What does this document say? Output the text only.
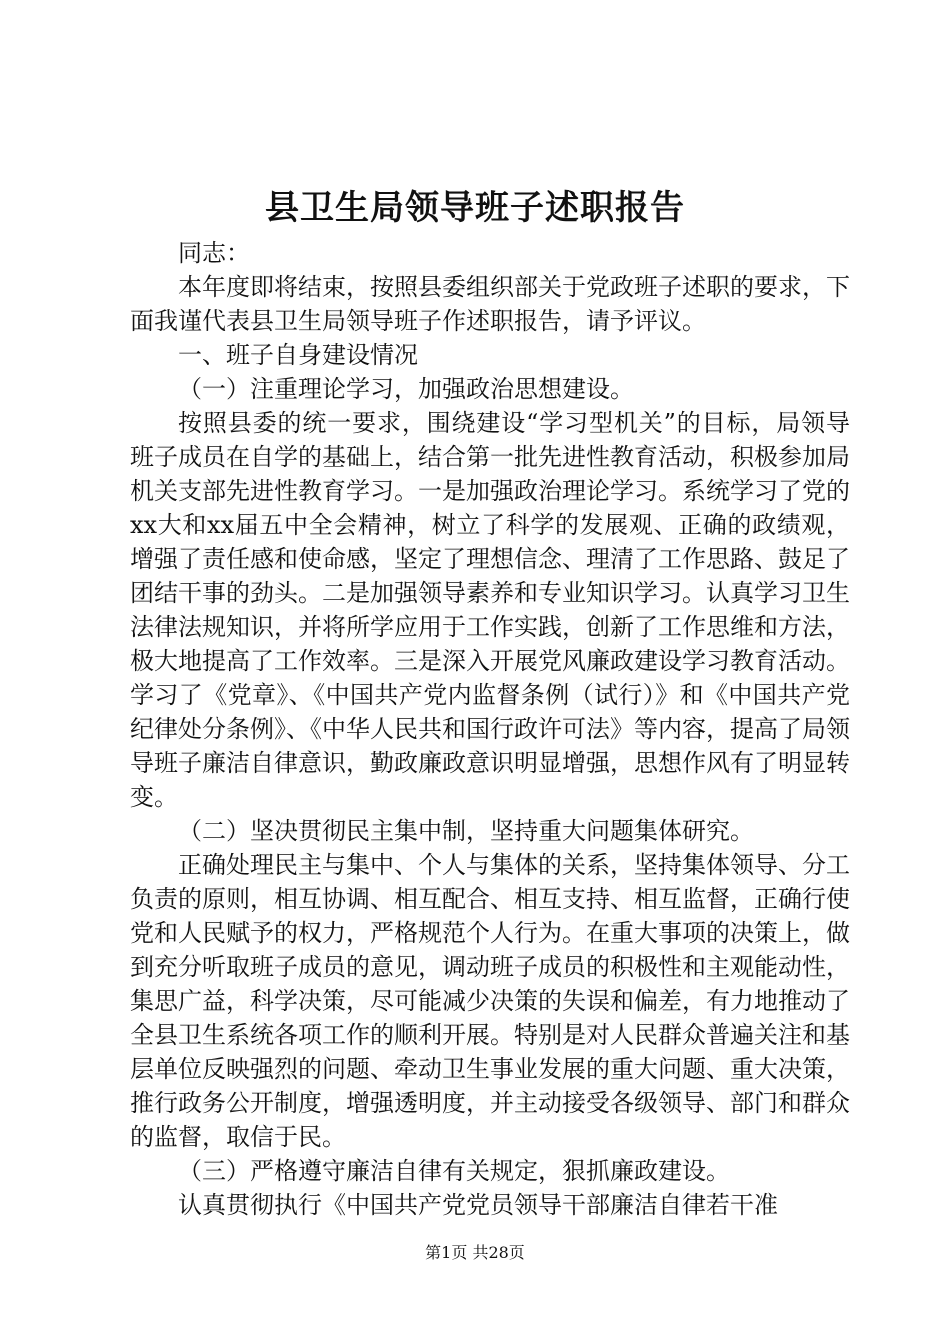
县卫生局领导班子述职报告

同志：

本年度即将结束，按照县委组织部关于党政班子述职的要求，下面我谨代表县卫生局领导班子作述职报告，请予评议。

一、班子自身建设情况

（一）注重理论学习，加强政治思想建设。

按照县委的统一要求，围绕建设“学习型机关”的目标，局领导班子成员在自学的基础上，结合第一批先进性教育活动，积极参加局机关支部先进性教育学习。一是加强政治理论学习。系统学习了党的xx大和xx届五中全会精神，树立了科学的发展观、正确的政绩观，增强了责任感和使命感，坚定了理想信念、理清了工作思路、鼓足了团结干事的劲头。二是加强领导素养和专业知识学习。认真学习卫生法律法规知识，并将所学应用于工作实践，创新了工作思维和方法，极大地提高了工作效率。三是深入开展党风廉政建设学习教育活动。学习了《党章》、《中国共产党内监督条例（试行）》和《中国共产党纪律处分条例》、《中华人民共和国行政许可法》等内容，提高了局领导班子廉洁自律意识，勤政廉政意识明显增强，思想作风有了明显转变。

（二）坚决贯彻民主集中制，坚持重大问题集体研究。

正确处理民主与集中、个人与集体的关系，坚持集体领导、分工负责的原则，相互协调、相互配合、相互支持、相互监督，正确行使党和人民赋予的权力，严格规范个人行为。在重大事项的决策上，做到充分听取班子成员的意见，调动班子成员的积极性和主观能动性，集思广益，科学决策，尽可能减少决策的失误和偏差，有力地推动了全县卫生系统各项工作的顺利开展。特别是对人民群众普遍关注和基层单位反映强烈的问题、牵动卫生事业发展的重大问题、重大决策，推行政务公开制度，增强透明度，并主动接受各级领导、部门和群众的监督，取信于民。

（三）严格遵守廉洁自律有关规定，狠抓廉政建设。

认真贯彻执行《中国共产党党员领导干部廉洁自律若干准

第1页 共28页
